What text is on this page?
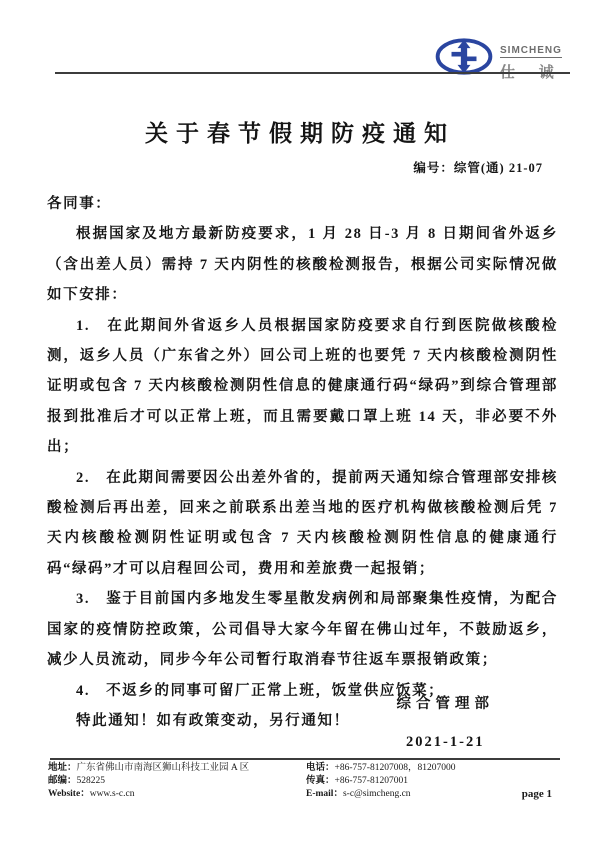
SIMCHENG
仕 诚
关于春节假期防疫通知
编号：综管(通) 21-07

各同事：

根据国家及地方最新防疫要求，1 月 28 日-3 月 8 日期间省外返乡（含出差人员）需持 7 天内阴性的核酸检测报告，根据公司实际情况做如下安排：

1.　在此期间外省返乡人员根据国家防疫要求自行到医院做核酸检测，返乡人员（广东省之外）回公司上班的也要凭 7 天内核酸检测阴性证明或包含 7 天内核酸检测阴性信息的健康通行码“绿码”到综合管理部报到批准后才可以正常上班，而且需要戴口罩上班 14 天，非必要不外出；

2.　在此期间需要因公出差外省的，提前两天通知综合管理部安排核酸检测后再出差，回来之前联系出差当地的医疗机构做核酸检测后凭 7 天内核酸检测阴性证明或包含 7 天内核酸检测阴性信息的健康通行码“绿码”才可以启程回公司，费用和差旅费一起报销；

3.　鉴于目前国内多地发生零星散发病例和局部聚集性疫情，为配合国家的疫情防控政策，公司倡导大家今年留在佛山过年，不鼓励返乡，减少人员流动，同步今年公司暂行取消春节往返车票报销政策；

4.　不返乡的同事可留厂正常上班，饭堂供应饭菜；

特此通知！如有政策变动，另行通知！

综合管理部
2021-1-21
地址：广东省佛山市南海区狮山科技工业园 A 区
邮编：528225
Website：www.s-c.cn
电话：+86-757-81207008，81207000
传真：+86-757-81207001
E-mail：s-c@simcheng.cn	page 1
